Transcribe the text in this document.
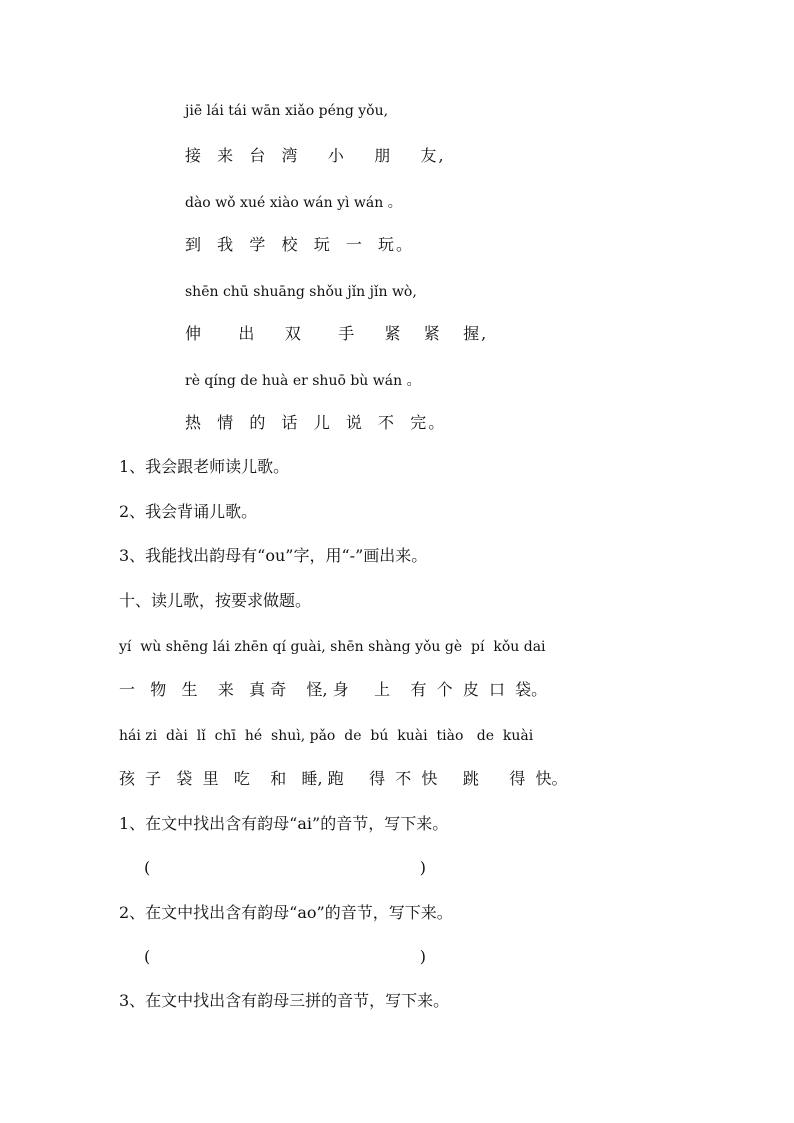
jiē lái tái wān xiǎo péng yǒu,
接  来  台  湾    小    朋    友,
dào wǒ xué xiào wán yì wán 。
到  我  学  校  玩  一  玩。
shēn chū shuāng shǒu jǐn jǐn wò,
伸     出    双     手    紧   紧   握,
rè qíng de huà er shuō bù wán 。
热  情  的  话  儿  说  不  完。
1、我会跟老师读儿歌。
2、我会背诵儿歌。
3、我能找出韵母有“ou”字，用“-”画出来。
十、读儿歌，按要求做题。
yí  wù shēng lái zhēn qí guài, shēn shàng yǒu gè  pí  kǒu dai
一   物   生    来   真 奇    怪, 身     上    有  个  皮  口  袋。
hái zi  dài  lǐ  chī  hé  shuì, pǎo  de  bú  kuài  tiào   de  kuài
孩  子   袋  里   吃    和   睡, 跑     得  不  快     跳      得  快。
1、在文中找出含有韵母“ai”的音节，写下来。
(                                                     )
2、在文中找出含有韵母“ao”的音节，写下来。
(                                                     )
3、在文中找出含有韵母三拼的音节，写下来。
